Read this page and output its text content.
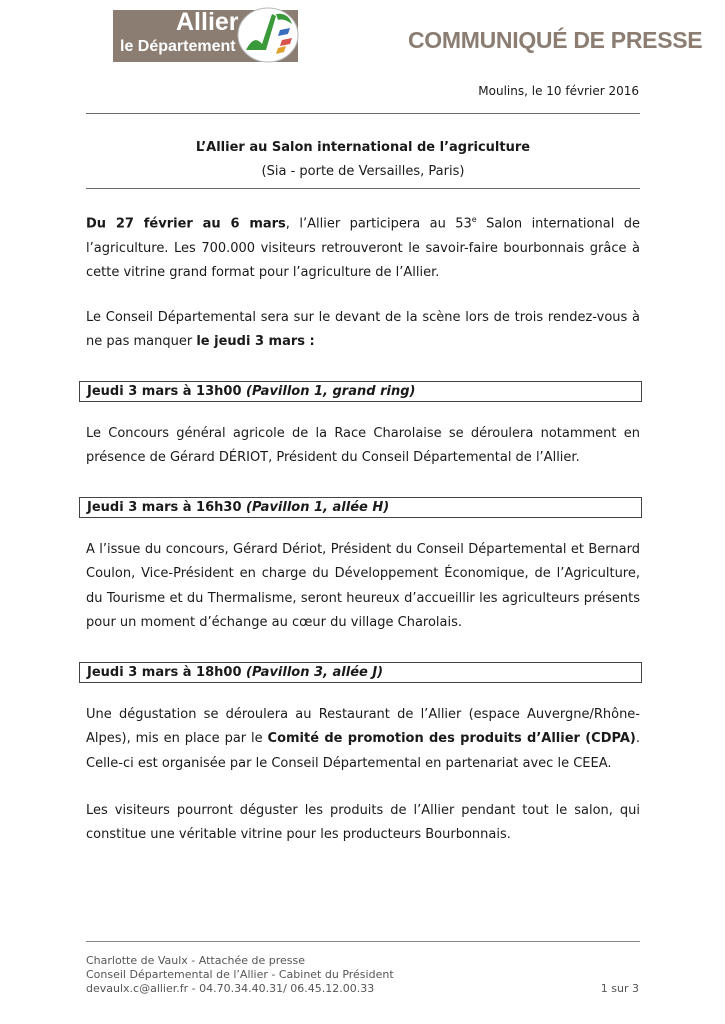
Allier
le Département	COMMUNIQUÉ DE PRESSE
Moulins, le 10 février 2016
L’Allier au Salon international de l’agriculture
(Sia - porte de Versailles, Paris)

Du 27 février au 6 mars, l’Allier participera au 53e Salon international de l’agriculture. Les 700.000 visiteurs retrouveront le savoir-faire bourbonnais grâce à cette vitrine grand format pour l’agriculture de l’Allier.

Le Conseil Départemental sera sur le devant de la scène lors de trois rendez-vous à ne pas manquer le jeudi 3 mars :

Jeudi 3 mars à 13h00 (Pavillon 1, grand ring)

Le Concours général agricole de la Race Charolaise se déroulera notamment en présence de Gérard DÉRIOT, Président du Conseil Départemental de l’Allier.

Jeudi 3 mars à 16h30 (Pavillon 1, allée H)

A l’issue du concours, Gérard Dériot, Président du Conseil Départemental et Bernard Coulon, Vice-Président en charge du Développement Économique, de l’Agriculture, du Tourisme et du Thermalisme, seront heureux d’accueillir les agriculteurs présents pour un moment d’échange au cœur du village Charolais.

Jeudi 3 mars à 18h00 (Pavillon 3, allée J)

Une dégustation se déroulera au Restaurant de l’Allier (espace Auvergne/Rhône-Alpes), mis en place par le Comité de promotion des produits d’Allier (CDPA). Celle-ci est organisée par le Conseil Départemental en partenariat avec le CEEA.

Les visiteurs pourront déguster les produits de l’Allier pendant tout le salon, qui constitue une véritable vitrine pour les producteurs Bourbonnais.

Charlotte de Vaulx - Attachée de presse
Conseil Départemental de l’Allier - Cabinet du Président
devaulx.c@allier.fr - 04.70.34.40.31/ 06.45.12.00.33	1 sur 3
